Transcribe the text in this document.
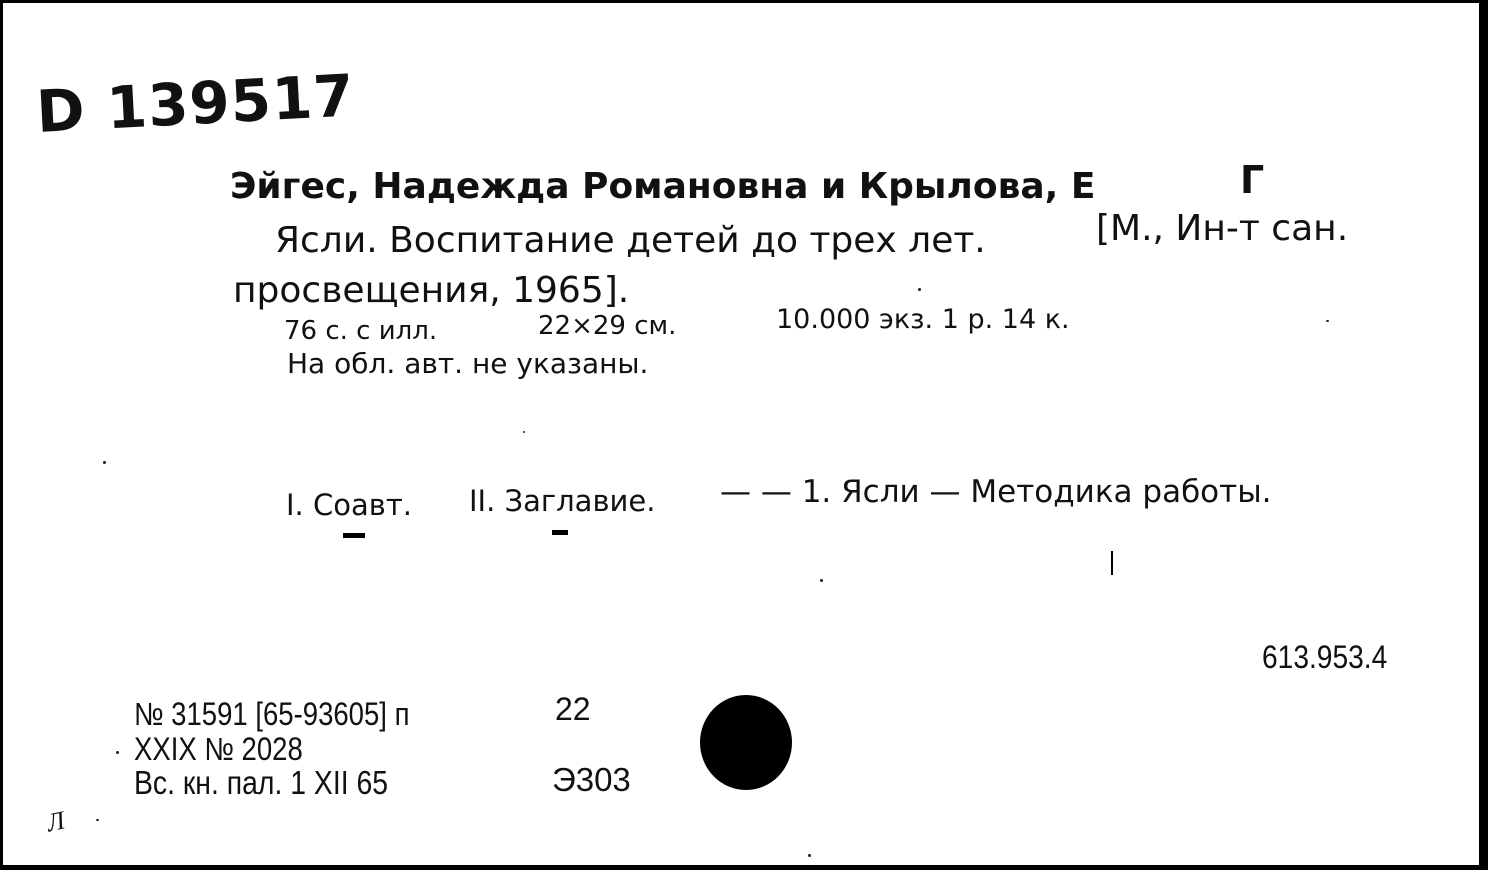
D 139517
Эйгес, Надежда Романовна и Крылова, Е	Г
Ясли. Воспитание детей до трех лет.	[М., Ин-т сан.
просвещения, 1965].
76 с. с илл.	22×29 см.	10.000 экз. 1 р. 14 к.
На обл. авт. не указаны.
I. Соавт. II. Заглавие. — — 1. Ясли — Методика работы.
613.953.4
№ 31591 [65-93605] п	22
XXIX № 2028
Вс. кн. пал. 1 XII 65	Э303
Л
